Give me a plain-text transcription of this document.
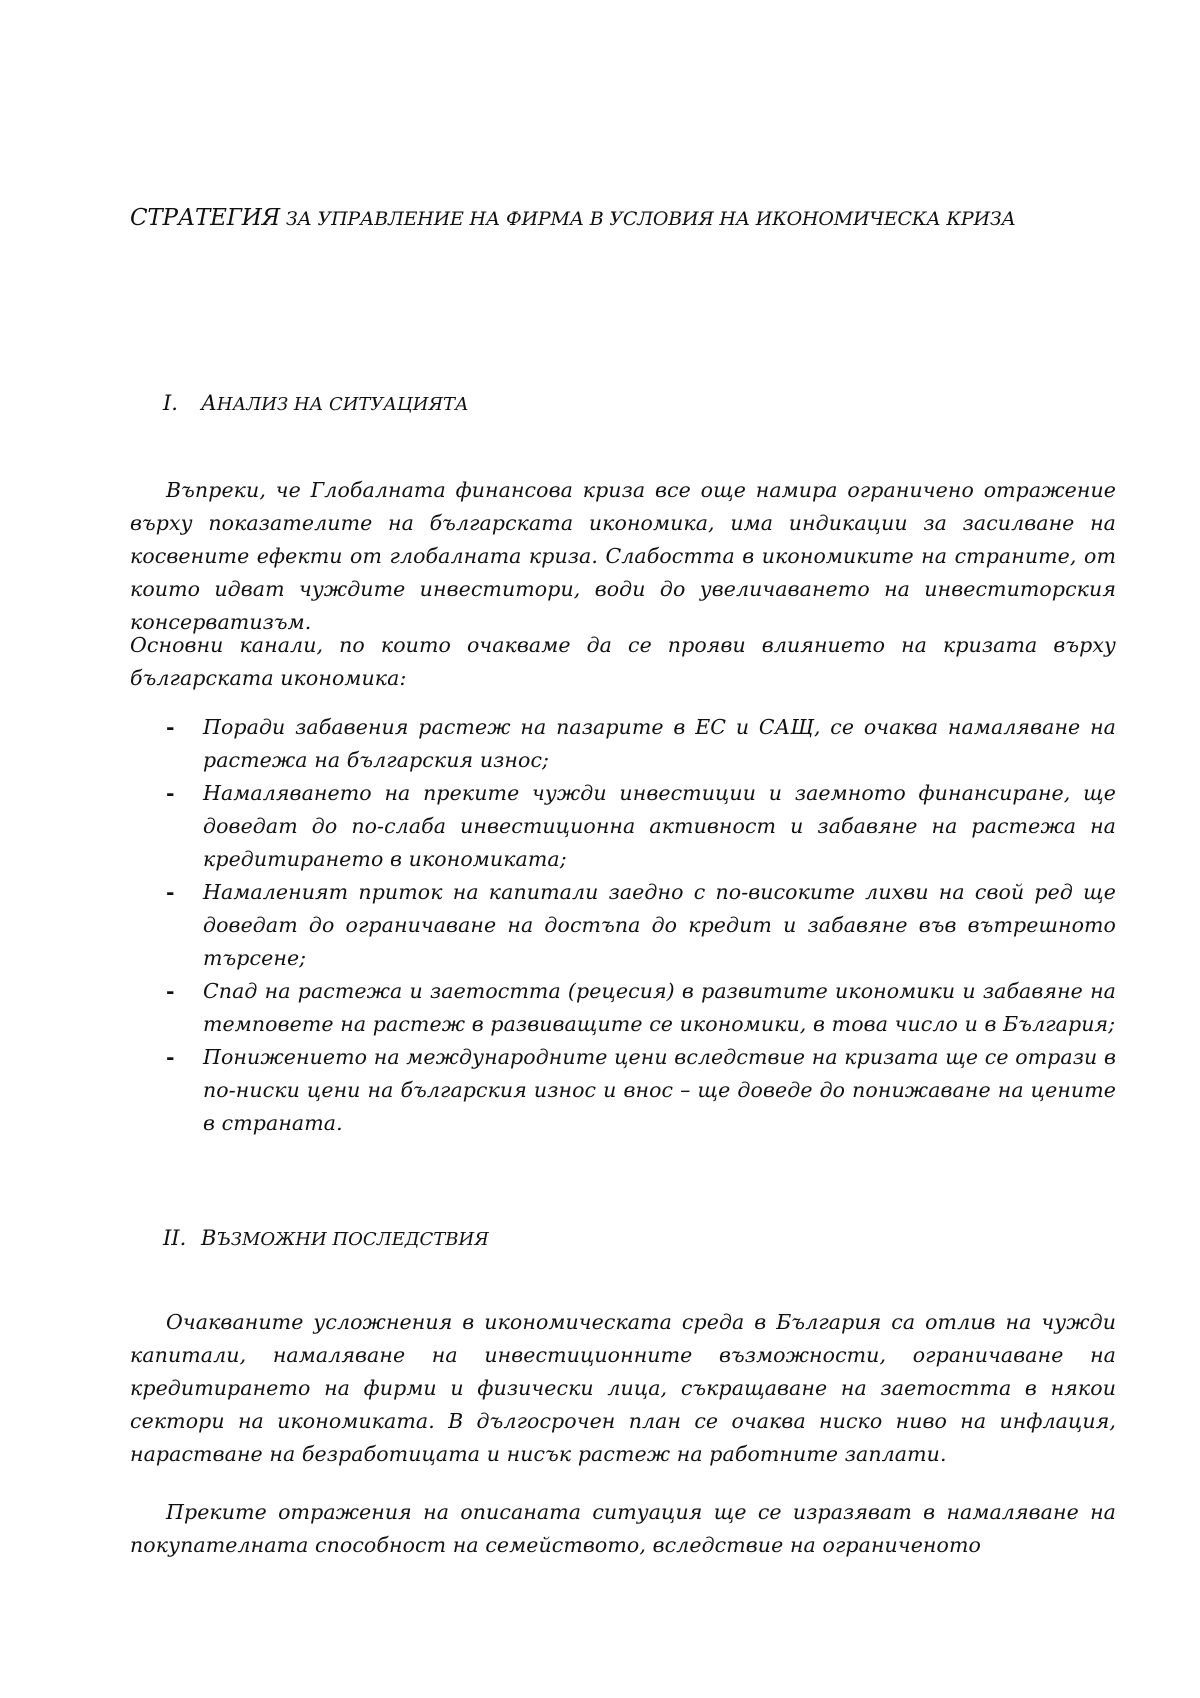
СТРАТЕГИЯ ЗА УПРАВЛЕНИЕ НА ФИРМА В УСЛОВИЯ НА ИКОНОМИЧЕСКА КРИЗА
I. АНАЛИЗ НА СИТУАЦИЯТА

Въпреки, че Глобалната финансова криза все още намира ограничено отражение върху показателите на българската икономика, има индикации за засилване на косвените ефекти от глобалната криза. Слабостта в икономиките на страните, от които идват чуждите инвеститори, води до увеличаването на инвеститорския консерватизъм.

Основни канали, по които очакваме да се прояви влиянието на кризата върху българската икономика:

- Поради забавения растеж на пазарите в ЕС и САЩ, се очаква намаляване на растежа на българския износ;
- Намаляването на преките чужди инвестиции и заемното финансиране, ще доведат до по-слаба инвестиционна активност и забавяне на растежа на кредитирането в икономиката;
- Намаленият приток на капитали заедно с по-високите лихви на свой ред ще доведат до ограничаване на достъпа до кредит и забавяне във вътрешното търсене;
- Спад на растежа и заетостта (рецесия) в развитите икономики и забавяне на темповете на растеж в развиващите се икономики, в това число и в България;
- Понижението на международните цени вследствие на кризата ще се отрази в по-ниски цени на българския износ и внос – ще доведе до понижаване на цените в страната.
II. ВЪЗМОЖНИ ПОСЛЕДСТВИЯ

Очакваните усложнения в икономическата среда в България са отлив на чужди капитали, намаляване на инвестиционните възможности, ограничаване на кредитирането на фирми и физически лица, съкращаване на заетостта в някои сектори на икономиката. В дългосрочен план се очаква ниско ниво на инфлация, нарастване на безработицата и нисък растеж на работните заплати.

Преките отражения на описаната ситуация ще се изразяват в намаляване на покупателната способност на семейството, вследствие на ограниченото
